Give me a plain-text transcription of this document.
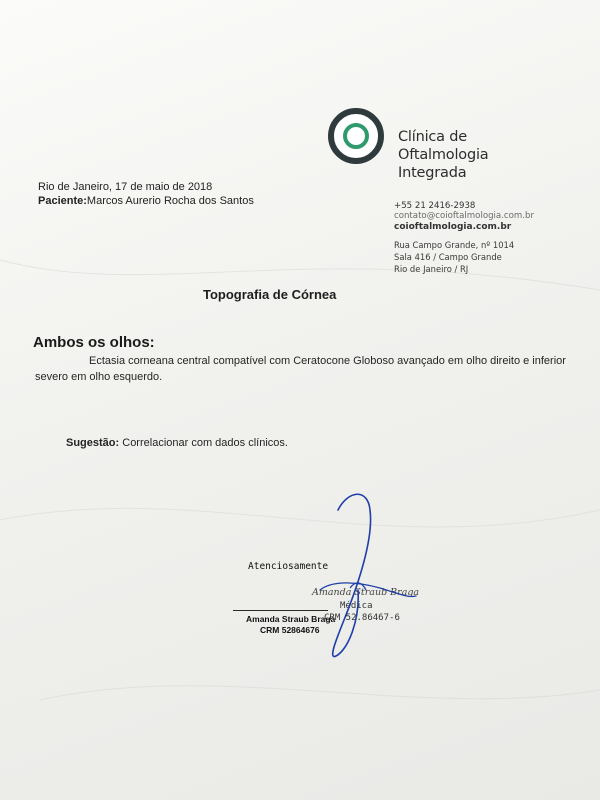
Clínica de
Oftalmologia
Integrada
+55 21 2416-2938
contato@coioftalmologia.com.br
coioftalmologia.com.br
Rua Campo Grande, nº 1014
Sala 416 / Campo Grande
Rio de Janeiro / RJ
Rio de Janeiro, 17 de maio de 2018
Paciente:Marcos Aurerio Rocha dos Santos
Topografia de Córnea
Ambos os olhos:
Ectasia corneana central compatível com Ceratocone Globoso avançado em olho direito e inferior severo em olho esquerdo.
Sugestão: Correlacionar com dados clínicos.
Atenciosamente
Amanda Straub Braga
Médica
CRM 52.86467-6
Amanda Straub Braga
CRM 52864676
